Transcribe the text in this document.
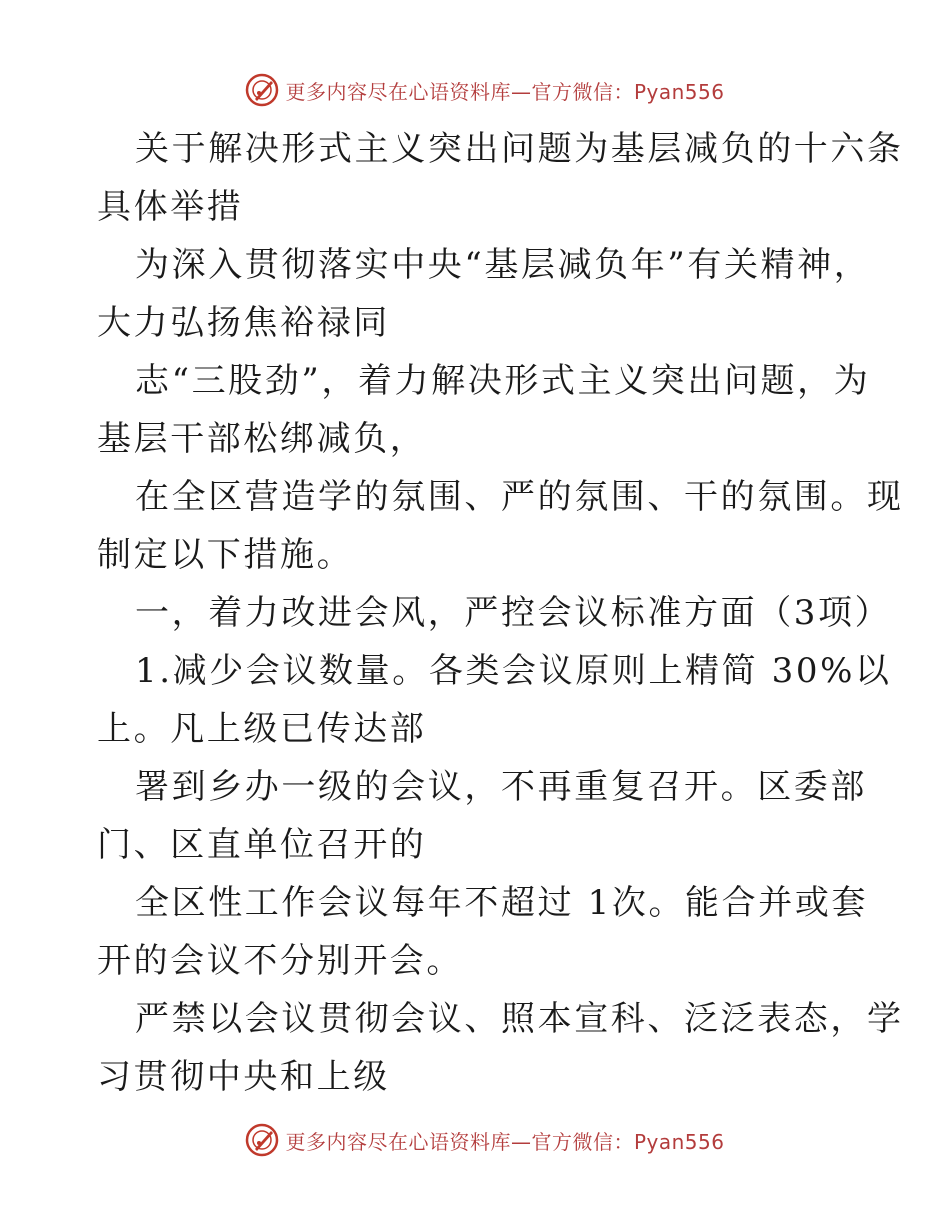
更多内容尽在心语资料库—官方微信：Pyan556
关于解决形式主义突出问题为基层减负的十六条
具体举措
为深入贯彻落实中央“基层减负年”有关精神，
大力弘扬焦裕禄同
志“三股劲”，着力解决形式主义突出问题，为
基层干部松绑减负，
在全区营造学的氛围、严的氛围、干的氛围。现
制定以下措施。
一，着力改进会风，严控会议标准方面（3项）
1.减少会议数量。各类会议原则上精简 30%以
上。凡上级已传达部
署到乡办一级的会议，不再重复召开。区委部
门、区直单位召开的
全区性工作会议每年不超过 1次。能合并或套
开的会议不分别开会。
严禁以会议贯彻会议、照本宣科、泛泛表态，学
习贯彻中央和上级
更多内容尽在心语资料库—官方微信：Pyan556
